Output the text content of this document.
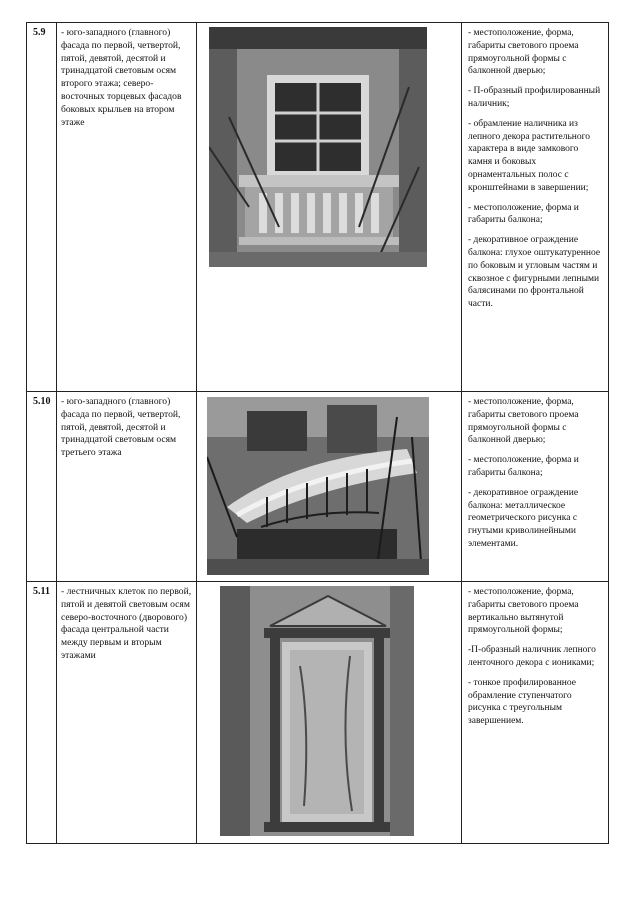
5.9	- юго-западного (главного) фасада по первой, четвертой, пятой, девятой, десятой и тринадцатой световым осям второго этажа; северо-восточных торцевых фасадов боковых крыльев на втором этаже		- местоположение, форма, габариты светового проема прямоугольной формы с балконной дверью;

- П-образный профилированный наличник;

- обрамление наличника из лепного декора растительного характера в виде замкового камня и боковых орнаментальных полос с кронштейнами в завершении;

- местоположение, форма и габариты балкона;

- декоративное ограждение балкона: глухое оштукатуренное по боковым и угловым частям и сквозное с фигурными лепными балясинами по фронтальной части.

5.10	- юго-западного (главного) фасада по первой, четвертой, пятой, девятой, десятой и тринадцатой световым осям третьего этажа		- местоположение, форма, габариты светового проема прямоугольной формы с балконной дверью;

- местоположение, форма и габариты балкона;

- декоративное ограждение балкона: металлическое геометрического рисунка с гнутыми криволинейными элементами.

5.11	- лестничных клеток по первой, пятой и девятой световым осям северо-восточного (дворового) фасада центральной части между первым и вторым этажами		- местоположение, форма, габариты светового проема вертикально вытянутой прямоугольной формы;

-П-образный наличник лепного ленточного декора с иониками;

- тонкое профилированное обрамление ступенчатого рисунка с треугольным завершением.
